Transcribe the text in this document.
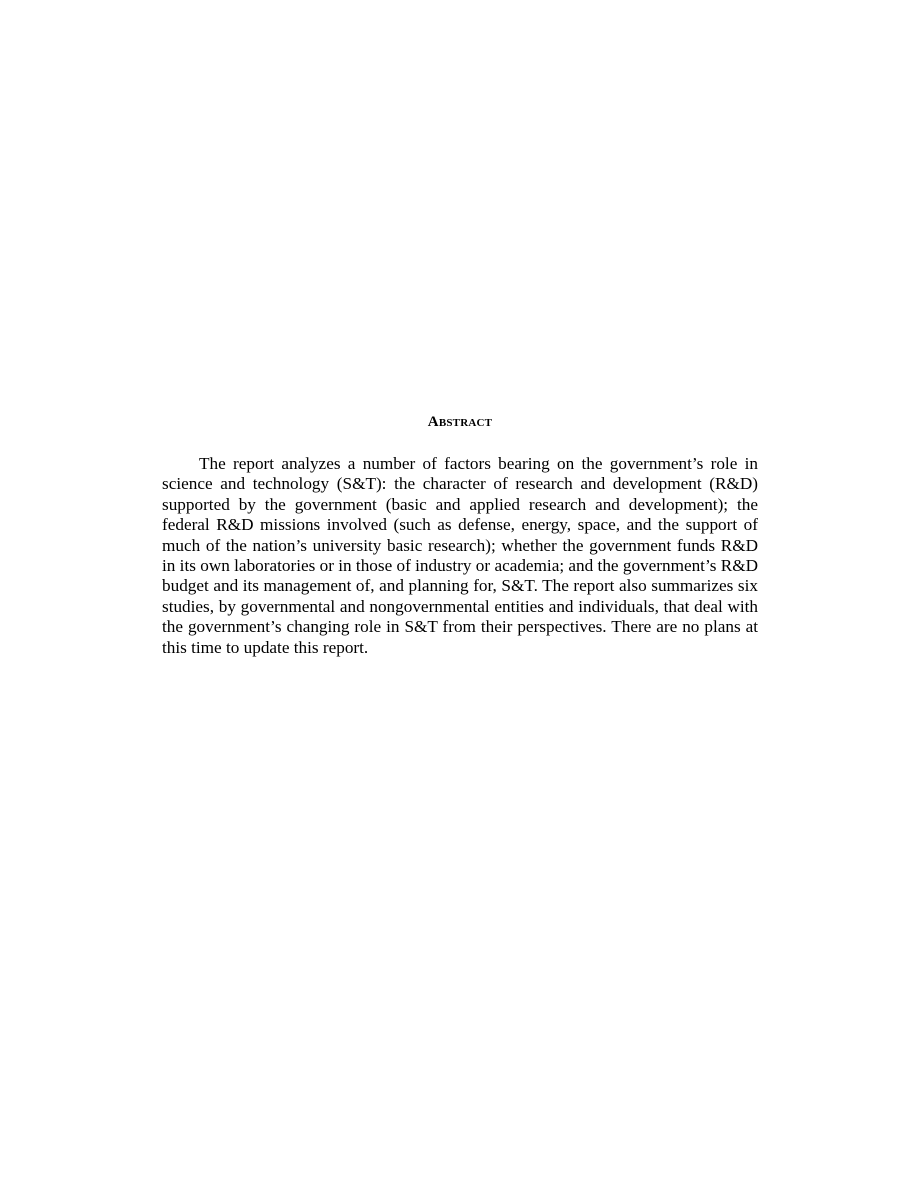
Abstract

The report analyzes a number of factors bearing on the government’s role in science and technology (S&T): the character of research and development (R&D) supported by the government (basic and applied research and development); the federal R&D missions involved (such as defense, energy, space, and the support of much of the nation’s university basic research); whether the government funds R&D in its own laboratories or in those of industry or academia; and the government’s R&D budget and its management of, and planning for, S&T. The report also summarizes six studies, by governmental and nongovernmental entities and individuals, that deal with the government’s changing role in S&T from their perspectives. There are no plans at this time to update this report.
